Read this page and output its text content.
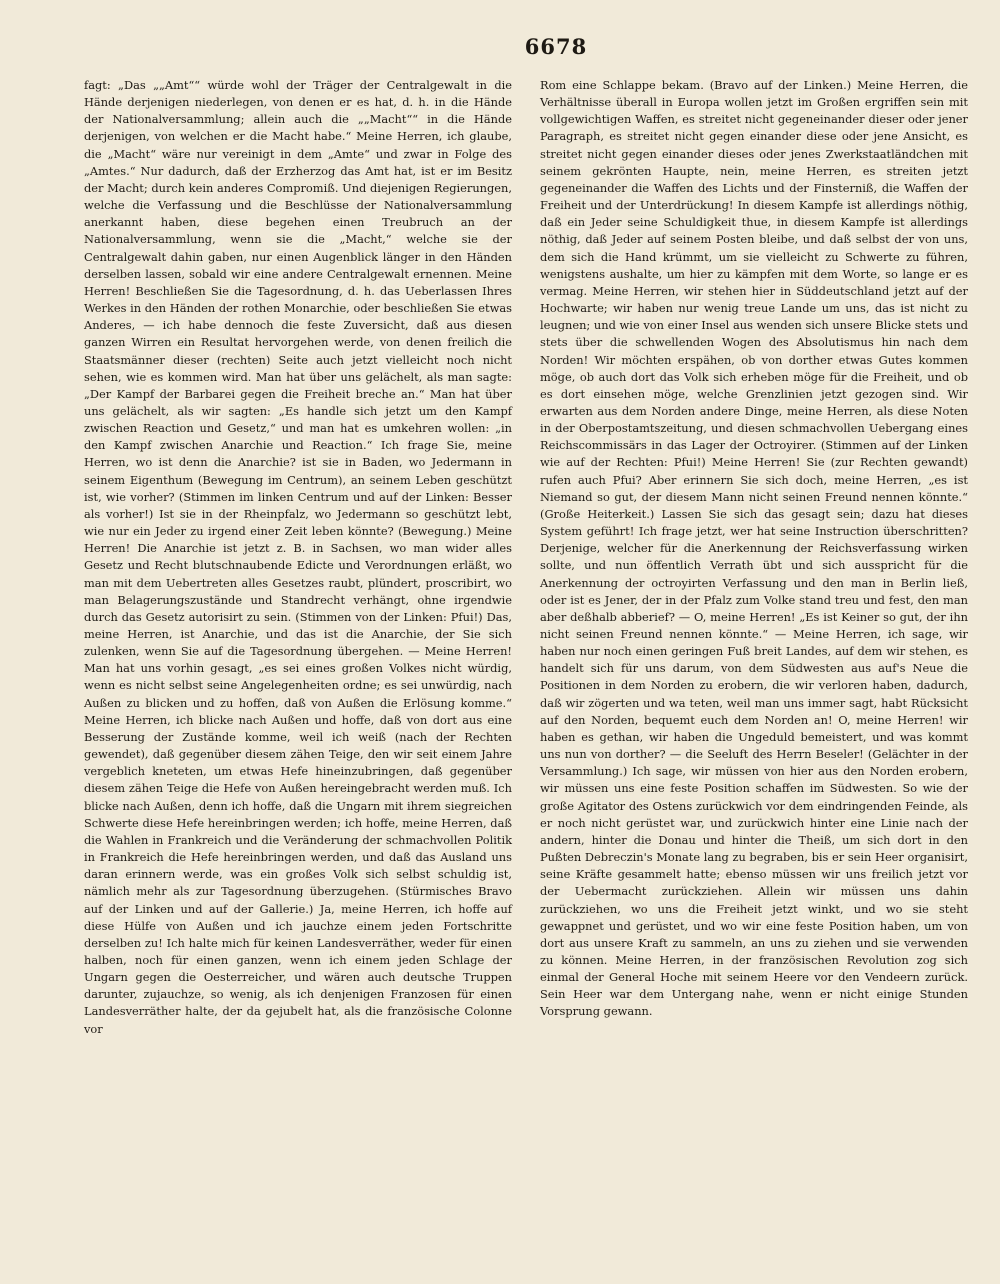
6678

fagt: „Das „„Amt““ würde wohl der Träger der Centralgewalt in die Hände derjenigen niederlegen, von denen er es hat, d. h. in die Hände der Nationalversammlung; allein auch die „„Macht““ in die Hände derjenigen, von welchen er die Macht habe.“ Meine Herren, ich glaube, die „Macht“ wäre nur vereinigt in dem „Amte“ und zwar in Folge des „Amtes.“ Nur dadurch, daß der Erzherzog das Amt hat, ist er im Besitz der Macht; durch kein anderes Compromiß. Und diejenigen Regierungen, welche die Verfassung und die Beschlüsse der Nationalversammlung anerkannt haben, diese begehen einen Treubruch an der Nationalversammlung, wenn sie die „Macht,“ welche sie der Centralgewalt dahin gaben, nur einen Augenblick länger in den Händen derselben lassen, sobald wir eine andere Centralgewalt ernennen. Meine Herren! Beschließen Sie die Tagesordnung, d. h. das Ueberlassen Ihres Werkes in den Händen der rothen Monarchie, oder beschließen Sie etwas Anderes, — ich habe dennoch die feste Zuversicht, daß aus diesen ganzen Wirren ein Resultat hervorgehen werde, von denen freilich die Staatsmänner dieser (rechten) Seite auch jetzt vielleicht noch nicht sehen, wie es kommen wird. Man hat über uns gelächelt, als man sagte: „Der Kampf der Barbarei gegen die Freiheit breche an.“ Man hat über uns gelächelt, als wir sagten: „Es handle sich jetzt um den Kampf zwischen Reaction und Gesetz,“ und man hat es umkehren wollen: „in den Kampf zwischen Anarchie und Reaction.“ Ich frage Sie, meine Herren, wo ist denn die Anarchie? ist sie in Baden, wo Jedermann in seinem Eigenthum (Bewegung im Centrum), an seinem Leben geschützt ist, wie vorher? (Stimmen im linken Centrum und auf der Linken: Besser als vorher!) Ist sie in der Rheinpfalz, wo Jedermann so geschützt lebt, wie nur ein Jeder zu irgend einer Zeit leben könnte? (Bewegung.) Meine Herren! Die Anarchie ist jetzt z. B. in Sachsen, wo man wider alles Gesetz und Recht blutschnaubende Edicte und Verordnungen erläßt, wo man mit dem Uebertreten alles Gesetzes raubt, plündert, proscribirt, wo man Belagerungszustände und Standrecht verhängt, ohne irgendwie durch das Gesetz autorisirt zu sein. (Stimmen von der Linken: Pfui!) Das, meine Herren, ist Anarchie, und das ist die Anarchie, der Sie sich zulenken, wenn Sie auf die Tagesordnung übergehen. — Meine Herren! Man hat uns vorhin gesagt, „es sei eines großen Volkes nicht würdig, wenn es nicht selbst seine Angelegenheiten ordne; es sei unwürdig, nach Außen zu blicken und zu hoffen, daß von Außen die Erlösung komme.“ Meine Herren, ich blicke nach Außen und hoffe, daß von dort aus eine Besserung der Zustände komme, weil ich weiß (nach der Rechten gewendet), daß gegenüber diesem zähen Teige, den wir seit einem Jahre vergeblich kneteten, um etwas Hefe hineinzubringen, daß gegenüber diesem zähen Teige die Hefe von Außen hereingebracht werden muß. Ich blicke nach Außen, denn ich hoffe, daß die Ungarn mit ihrem siegreichen Schwerte diese Hefe hereinbringen werden; ich hoffe, meine Herren, daß die Wahlen in Frankreich und die Veränderung der schmachvollen Politik in Frankreich die Hefe hereinbringen werden, und daß das Ausland uns daran erinnern werde, was ein großes Volk sich selbst schuldig ist, nämlich mehr als zur Tagesordnung überzugehen. (Stürmisches Bravo auf der Linken und auf der Gallerie.) Ja, meine Herren, ich hoffe auf diese Hülfe von Außen und ich jauchze einem jeden Fortschritte derselben zu! Ich halte mich für keinen Landesverräther, weder für einen halben, noch für einen ganzen, wenn ich einem jeden Schlage der Ungarn gegen die Oesterreicher, und wären auch deutsche Truppen darunter, zujauchze, so wenig, als ich denjenigen Franzosen für einen Landesverräther halte, der da gejubelt hat, als die französische Colonne vor

Rom eine Schlappe bekam. (Bravo auf der Linken.) Meine Herren, die Verhältnisse überall in Europa wollen jetzt im Großen ergriffen sein mit vollgewichtigen Waffen, es streitet nicht gegeneinander dieser oder jener Paragraph, es streitet nicht gegen einander diese oder jene Ansicht, es streitet nicht gegen einander dieses oder jenes Zwerkstaatländchen mit seinem gekrönten Haupte, nein, meine Herren, es streiten jetzt gegeneinander die Waffen des Lichts und der Finsterniß, die Waffen der Freiheit und der Unterdrückung! In diesem Kampfe ist allerdings nöthig, daß ein Jeder seine Schuldigkeit thue, in diesem Kampfe ist allerdings nöthig, daß Jeder auf seinem Posten bleibe, und daß selbst der von uns, dem sich die Hand krümmt, um sie vielleicht zu Schwerte zu führen, wenigstens aushalte, um hier zu kämpfen mit dem Worte, so lange er es vermag. Meine Herren, wir stehen hier in Süddeutschland jetzt auf der Hochwarte; wir haben nur wenig treue Lande um uns, das ist nicht zu leugnen; und wie von einer Insel aus wenden sich unsere Blicke stets und stets über die schwellenden Wogen des Absolutismus hin nach dem Norden! Wir möchten erspähen, ob von dorther etwas Gutes kommen möge, ob auch dort das Volk sich erheben möge für die Freiheit, und ob es dort einsehen möge, welche Grenzlinien jetzt gezogen sind. Wir erwarten aus dem Norden andere Dinge, meine Herren, als diese Noten in der Oberpostamtszeitung, und diesen schmachvollen Uebergang eines Reichscommissärs in das Lager der Octroyirer. (Stimmen auf der Linken wie auf der Rechten: Pfui!) Meine Herren! Sie (zur Rechten gewandt) rufen auch Pfui? Aber erinnern Sie sich doch, meine Herren, „es ist Niemand so gut, der diesem Mann nicht seinen Freund nennen könnte.“ (Große Heiterkeit.) Lassen Sie sich das gesagt sein; dazu hat dieses System geführt! Ich frage jetzt, wer hat seine Instruction überschritten? Derjenige, welcher für die Anerkennung der Reichsverfassung wirken sollte, und nun öffentlich Verrath übt und sich ausspricht für die Anerkennung der octroyirten Verfassung und den man in Berlin ließ, oder ist es Jener, der in der Pfalz zum Volke stand treu und fest, den man aber deßhalb abberief? — O, meine Herren! „Es ist Keiner so gut, der ihn nicht seinen Freund nennen könnte.“ — Meine Herren, ich sage, wir haben nur noch einen geringen Fuß breit Landes, auf dem wir stehen, es handelt sich für uns darum, von dem Südwesten aus auf's Neue die Positionen in dem Norden zu erobern, die wir verloren haben, dadurch, daß wir zögerten und wa teten, weil man uns immer sagt, habt Rücksicht auf den Norden, bequemt euch dem Norden an! O, meine Herren! wir haben es gethan, wir haben die Ungeduld bemeistert, und was kommt uns nun von dorther? — die Seeluft des Herrn Beseler! (Gelächter in der Versammlung.) Ich sage, wir müssen von hier aus den Norden erobern, wir müssen uns eine feste Position schaffen im Südwesten. So wie der große Agitator des Ostens zurückwich vor dem eindringenden Feinde, als er noch nicht gerüstet war, und zurückwich hinter eine Linie nach der andern, hinter die Donau und hinter die Theiß, um sich dort in den Pußten Debreczin's Monate lang zu begraben, bis er sein Heer organisirt, seine Kräfte gesammelt hatte; ebenso müssen wir uns freilich jetzt vor der Uebermacht zurückziehen. Allein wir müssen uns dahin zurückziehen, wo uns die Freiheit jetzt winkt, und wo sie steht gewappnet und gerüstet, und wo wir eine feste Position haben, um von dort aus unsere Kraft zu sammeln, an uns zu ziehen und sie verwenden zu können. Meine Herren, in der französischen Revolution zog sich einmal der General Hoche mit seinem Heere vor den Vendeern zurück. Sein Heer war dem Untergang nahe, wenn er nicht einige Stunden Vorsprung gewann.
